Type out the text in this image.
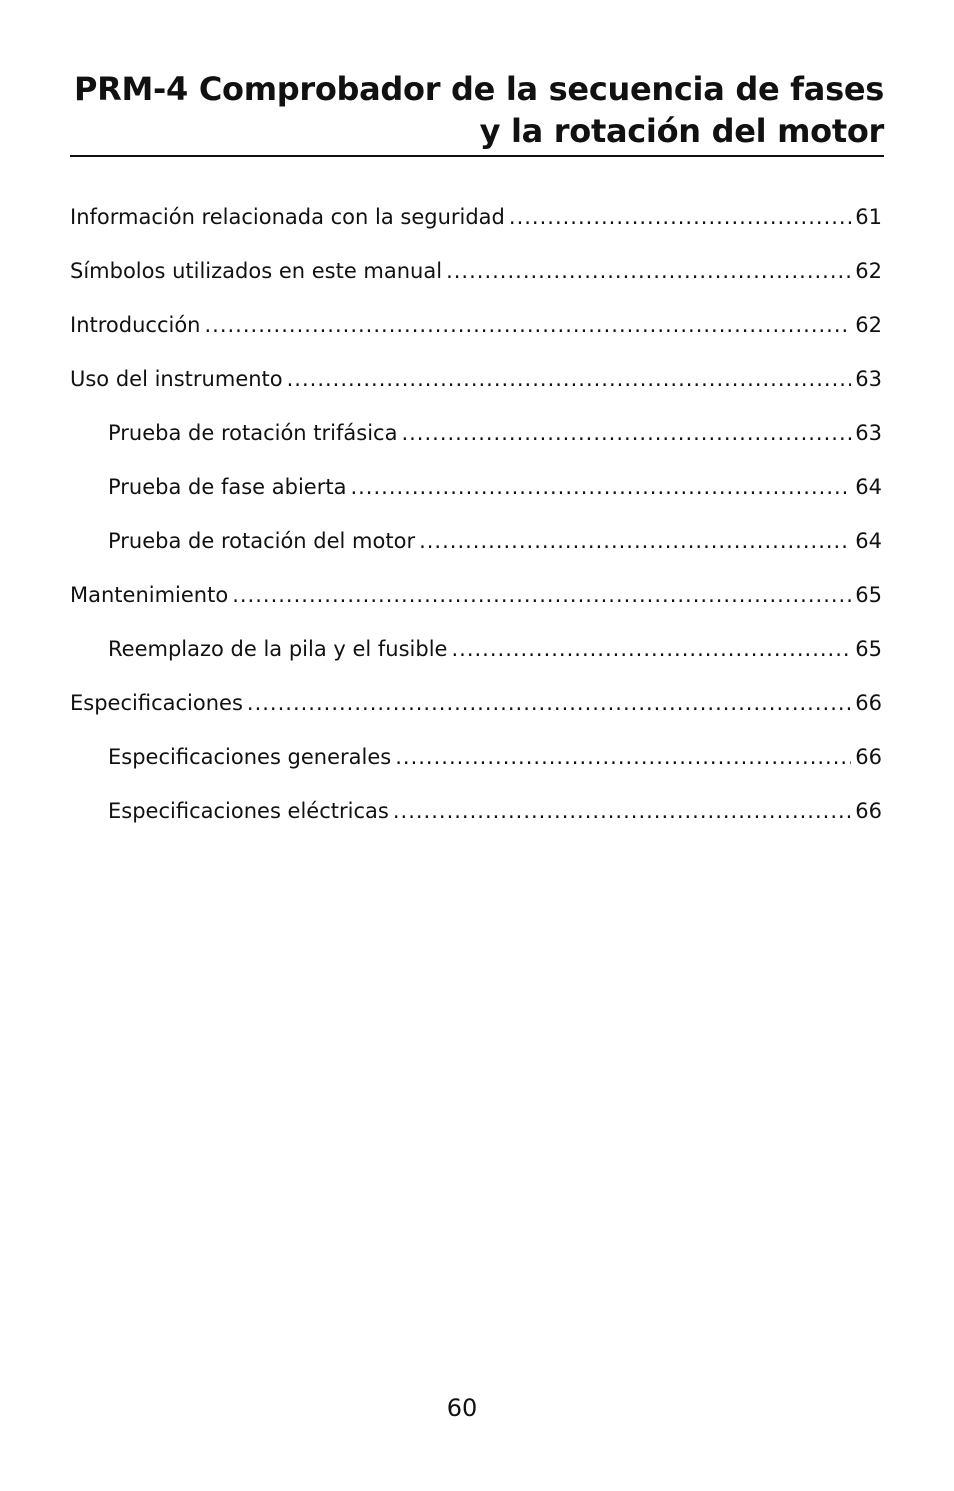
PRM-4 Comprobador de la secuencia de fases
y la rotación del motor
Información relacionada con la seguridad .....	61
Símbolos utilizados en este manual .....	62
Introducción .....	62
Uso del instrumento .....	63
Prueba de rotación trifásica .....	63
Prueba de fase abierta .....	64
Prueba de rotación del motor .....	64
Mantenimiento .....	65
Reemplazo de la pila y el fusible .....	65
Especificaciones .....	66
Especificaciones generales .....	66
Especificaciones eléctricas .....	66
60
